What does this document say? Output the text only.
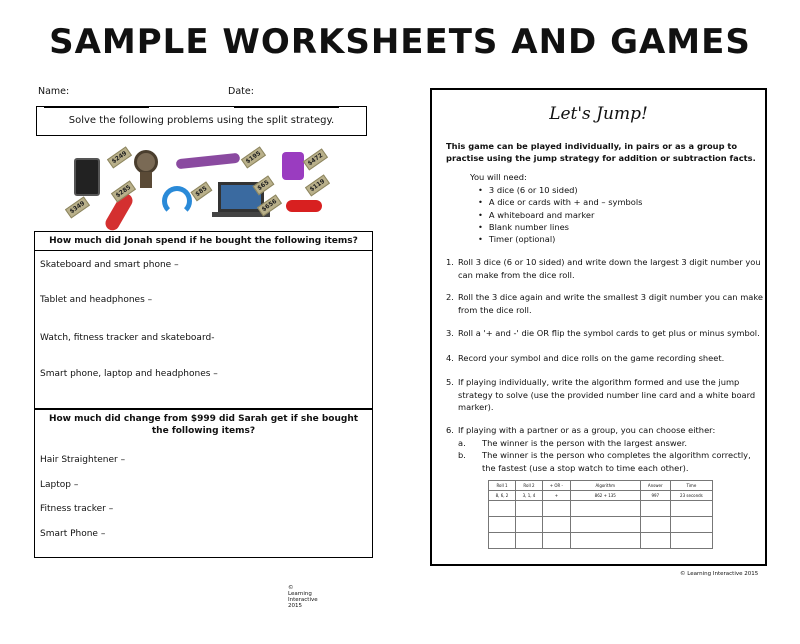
SAMPLE WORKSHEETS AND GAMES
Name:	Date:
Solve the following problems using the split strategy.
$349
$249	$195	$472
$285	$85	$65
$656
$119
How much did Jonah spend if he bought the following items?
Skateboard and smart phone –
Tablet and headphones –
Watch, fitness tracker and skateboard-
Smart phone, laptop and headphones –
How much did change from $999 did Sarah get if she bought the following items?
Hair Straightener –
Laptop –
Fitness tracker –
Smart Phone –
© Learning Interactive 2015
Let's Jump!
This game can be played individually, in pairs or as a group to practise using the jump strategy for addition or subtraction facts.
You will need:
• 3 dice (6 or 10 sided)
• A dice or cards with + and – symbols
• A whiteboard and marker
• Blank number lines
• Timer (optional)
1. Roll 3 dice (6 or 10 sided) and write down the largest 3 digit number you can make from the dice roll.
2. Roll the 3 dice again and write the smallest 3 digit number you can make from the dice roll.
3. Roll a '+ and -' die OR flip the symbol cards to get plus or minus symbol.
4. Record your symbol and dice rolls on the game recording sheet.
5. If playing individually, write the algorithm formed and use the jump strategy to solve (use the provided number line card and a white board marker).
6. If playing with a partner or as a group, you can choose either:
a.	The winner is the person with the largest answer.
b.	The winner is the person who completes the algorithm correctly, the fastest (use a stop watch to time each other).
Roll 1	Roll 2	+ OR -	Algorithm	Answer	Time
8, 6, 2	3, 1, 4	+	862 + 135	997	23 seconds

© Learning Interactive 2015
